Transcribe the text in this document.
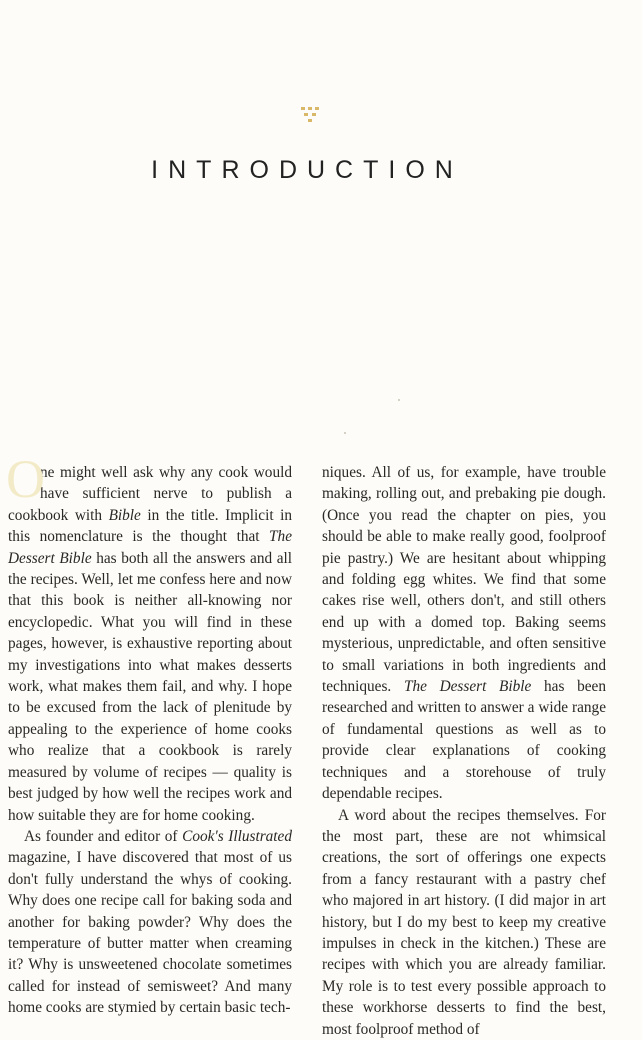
INTRODUCTION

O
ne might well ask why any cook would have sufficient nerve to publish a cookbook with Bible in the title. Implicit in this nomenclature is the thought that The Dessert Bible has both all the answers and all the recipes. Well, let me confess here and now that this book is neither all-knowing nor encyclopedic. What you will find in these pages, however, is exhaustive reporting about my investigations into what makes desserts work, what makes them fail, and why. I hope to be excused from the lack of plenitude by appealing to the experience of home cooks who realize that a cookbook is rarely measured by volume of recipes — quality is best judged by how well the recipes work and how suitable they are for home cooking.

As founder and editor of Cook's Illustrated magazine, I have discovered that most of us don't fully understand the whys of cooking. Why does one recipe call for baking soda and another for baking powder? Why does the temperature of butter matter when creaming it? Why is unsweetened chocolate sometimes called for instead of semisweet? And many home cooks are stymied by certain basic tech-

niques. All of us, for example, have trouble making, rolling out, and prebaking pie dough. (Once you read the chapter on pies, you should be able to make really good, foolproof pie pastry.) We are hesitant about whipping and folding egg whites. We find that some cakes rise well, others don't, and still others end up with a domed top. Baking seems mysterious, unpredictable, and often sensitive to small variations in both ingredients and techniques. The Dessert Bible has been researched and written to answer a wide range of fundamental questions as well as to provide clear explanations of cooking techniques and a storehouse of truly dependable recipes.

A word about the recipes themselves. For the most part, these are not whimsical creations, the sort of offerings one expects from a fancy restaurant with a pastry chef who majored in art history. (I did major in art history, but I do my best to keep my creative impulses in check in the kitchen.) These are recipes with which you are already familiar. My role is to test every possible approach to these workhorse desserts to find the best, most foolproof method of
